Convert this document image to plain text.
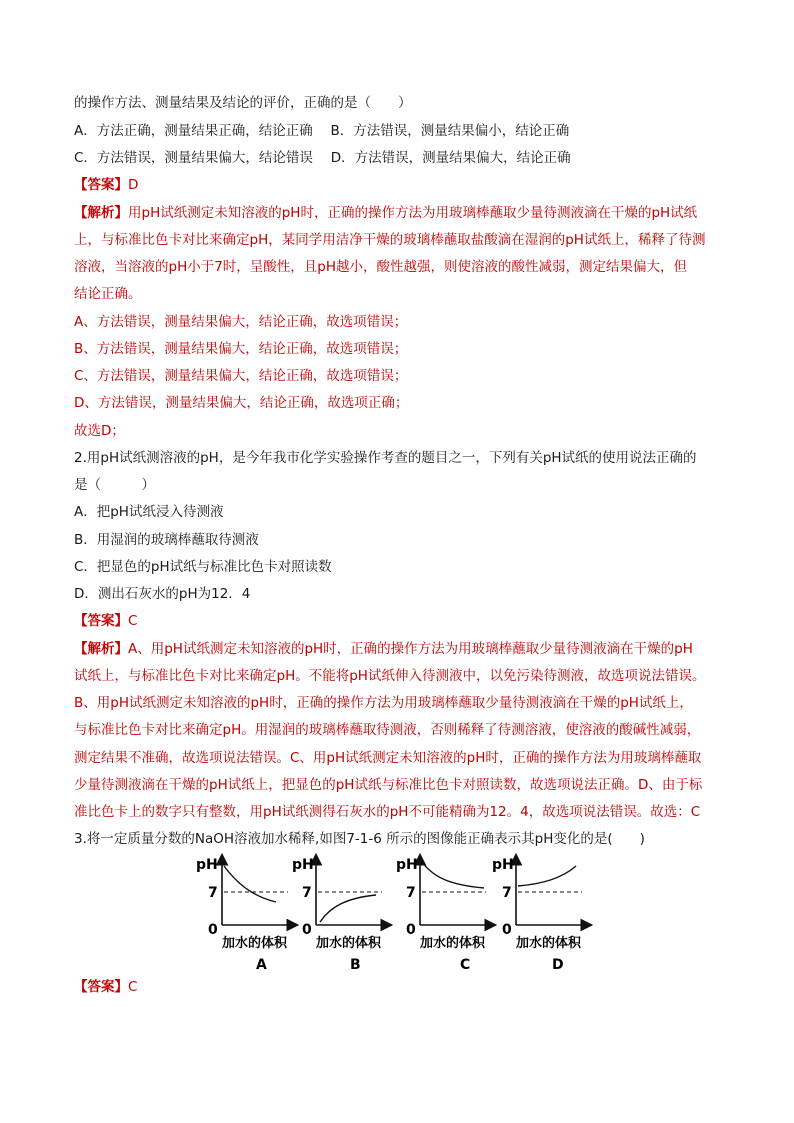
的操作方法、测量结果及结论的评价，正确的是（　　）
A．方法正确，测量结果正确，结论正确　 B．方法错误，测量结果偏小，结论正确
C．方法错误，测量结果偏大，结论错误　 D．方法错误，测量结果偏大，结论正确
【答案】D
【解析】用pH试纸测定未知溶液的pH时，正确的操作方法为用玻璃棒蘸取少量待测液滴在干燥的pH试纸
上，与标准比色卡对比来确定pH，某同学用洁净干燥的玻璃棒蘸取盐酸滴在湿润的pH试纸上，稀释了待测
溶液，当溶液的pH小于7时，呈酸性，且pH越小，酸性越强，则使溶液的酸性减弱，测定结果偏大，但
结论正确。
A、方法错误，测量结果偏大，结论正确，故选项错误；
B、方法错误，测量结果偏大，结论正确，故选项错误；
C、方法错误，测量结果偏大，结论正确，故选项错误；
D、方法错误，测量结果偏大，结论正确，故选项正确；
故选D；
2.用pH试纸测溶液的pH，是今年我市化学实验操作考查的题目之一，下列有关pH试纸的使用说法正确的
是（　　　）
A．把pH试纸浸入待测液
B．用湿润的玻璃棒蘸取待测液
C．把显色的pH试纸与标准比色卡对照读数
D．测出石灰水的pH为12．4
【答案】C
【解析】A、用pH试纸测定未知溶液的pH时，正确的操作方法为用玻璃棒蘸取少量待测液滴在干燥的pH
试纸上，与标准比色卡对比来确定pH。不能将pH试纸伸入待测液中，以免污染待测液，故选项说法错误。
B、用pH试纸测定未知溶液的pH时，正确的操作方法为用玻璃棒蘸取少量待测液滴在干燥的pH试纸上，
与标准比色卡对比来确定pH。用湿润的玻璃棒蘸取待测液，否则稀释了待测溶液，使溶液的酸碱性减弱，
测定结果不准确，故选项说法错误。C、用pH试纸测定未知溶液的pH时，正确的操作方法为用玻璃棒蘸取
少量待测液滴在干燥的pH试纸上，把显色的pH试纸与标准比色卡对照读数，故选项说法正确。D、由于标
准比色卡上的数字只有整数，用pH试纸测得石灰水的pH不可能精确为12。4，故选项说法错误。故选：C
3.将一定质量分数的NaOH溶液加水稀释,如图7-1-6 所示的图像能正确表示其pH变化的是(　　)
pH
7
0
加水的体积
A
pH
7
0
加水的体积
B
pH
7
0
加水的体积
C
pH
7
0
加水的体积
D
【答案】C
